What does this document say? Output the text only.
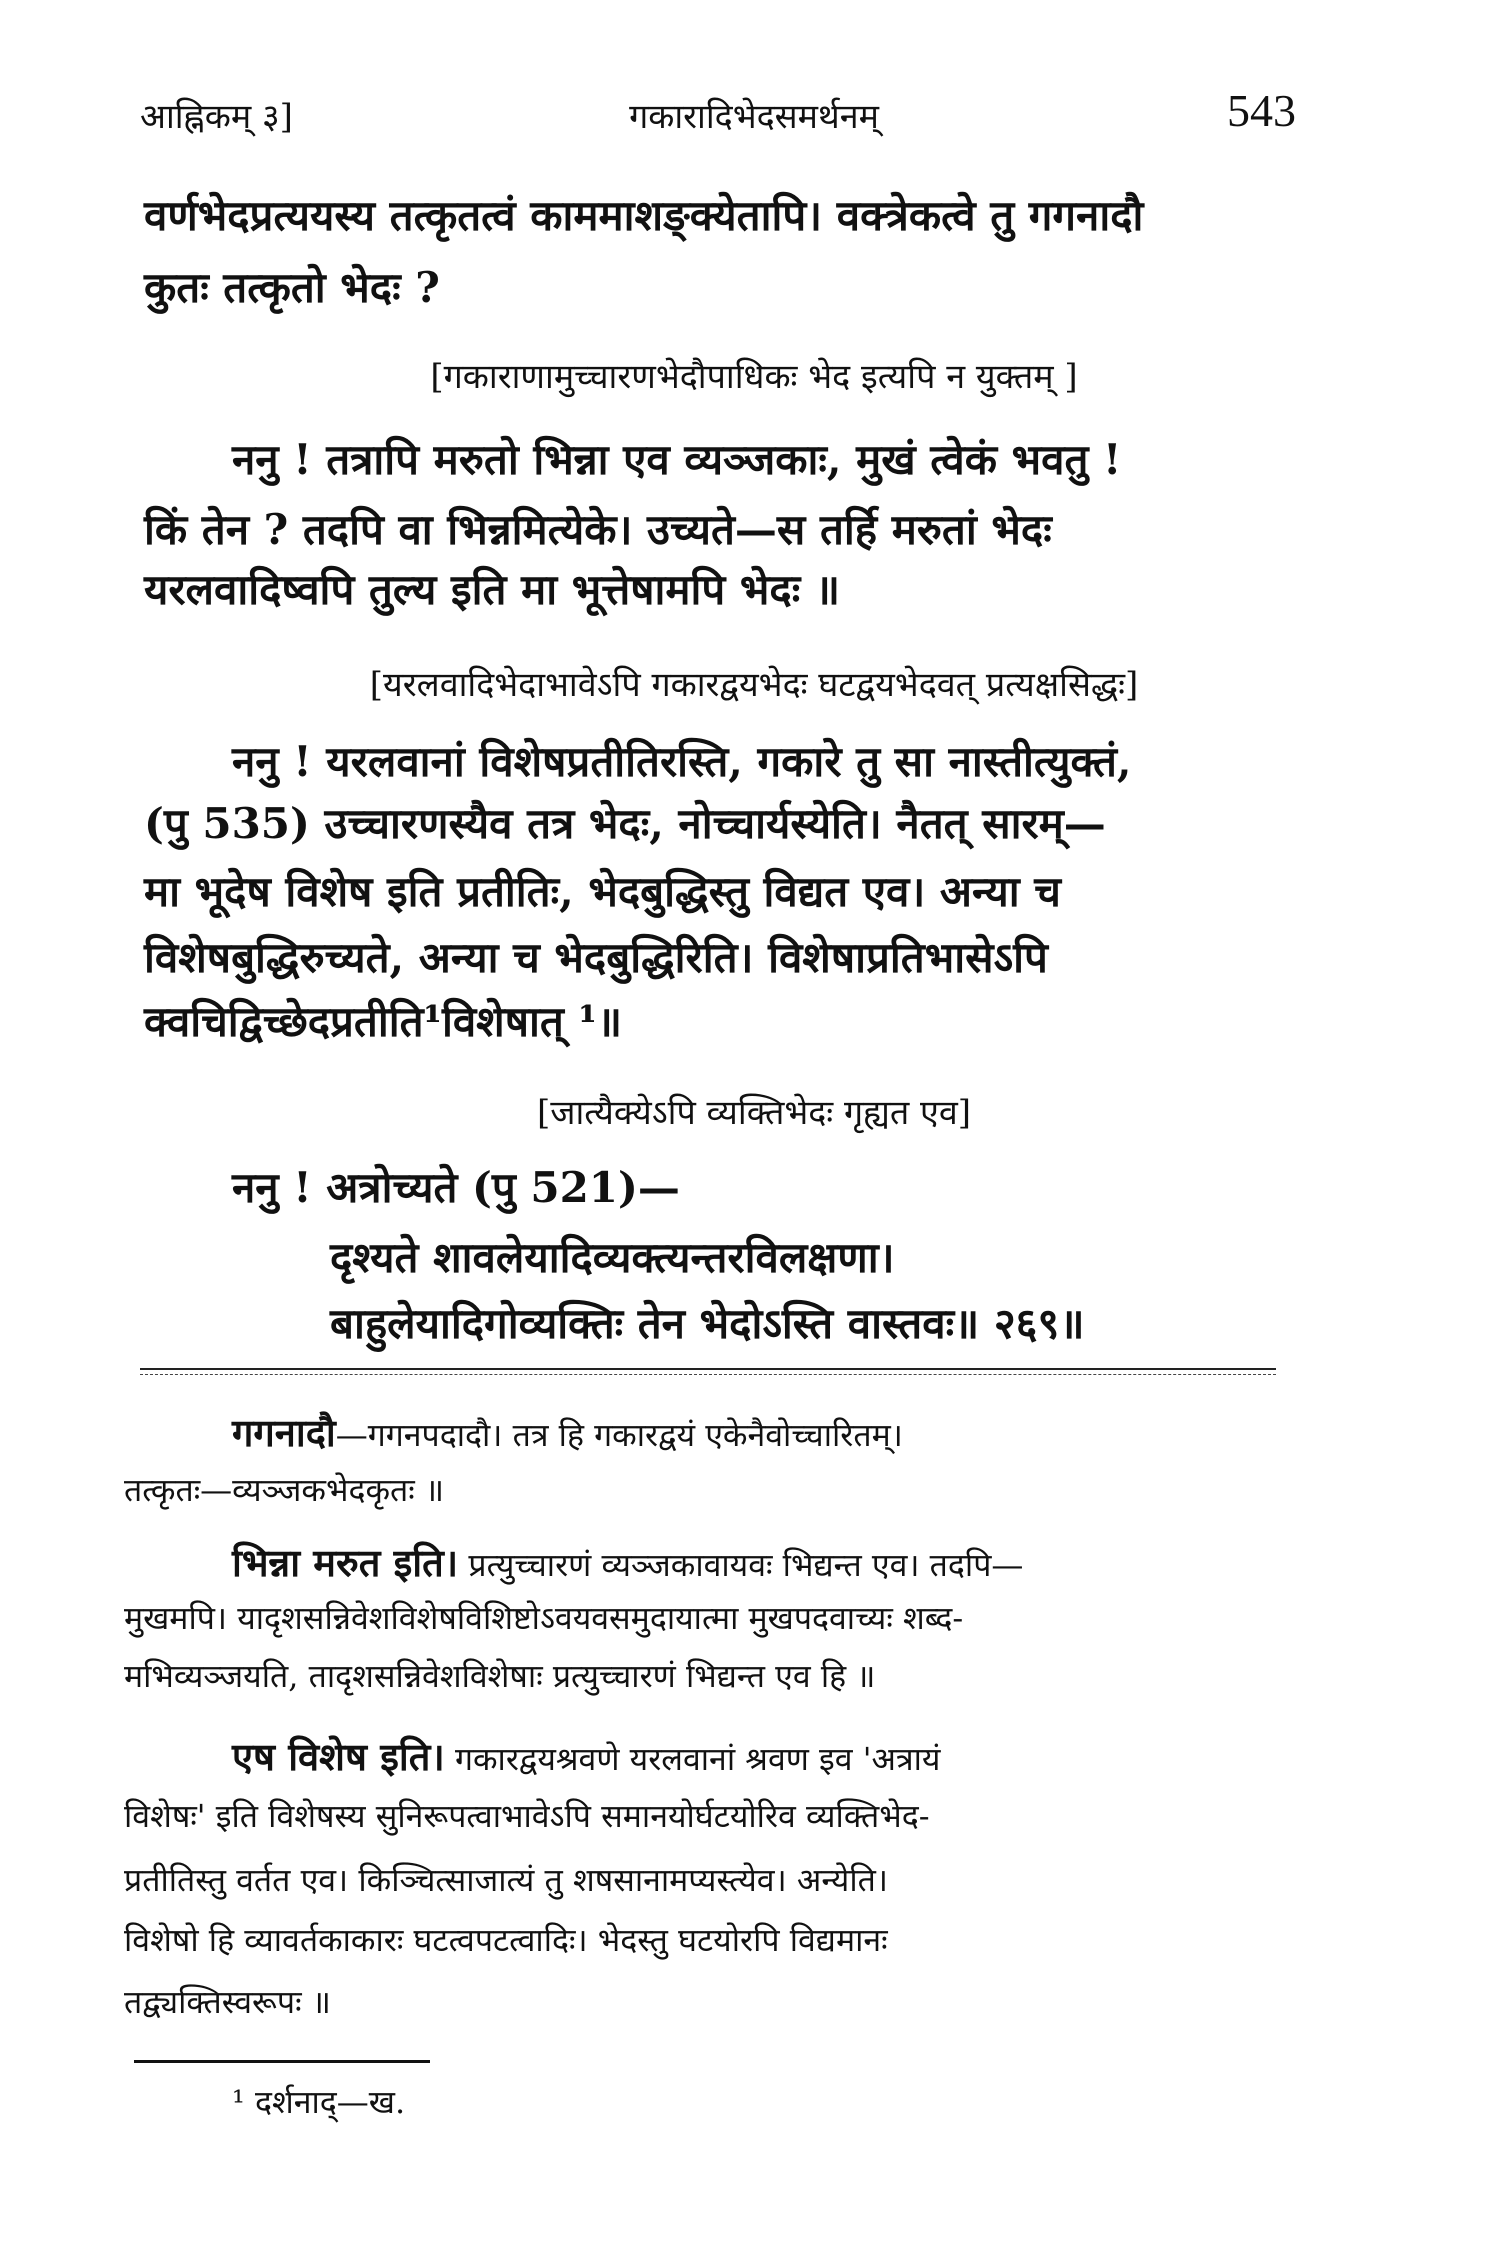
आह्निकम् ३]	गकारादिभेदसमर्थनम्	543
वर्णभेदप्रत्ययस्य तत्कृतत्वं काममाशङ्क्येतापि। वक्त्रेकत्वे तु गगनादौ
कुतः तत्कृतो भेदः ?
[गकाराणामुच्चारणभेदौपाधिकः भेद इत्यपि न युक्तम् ]
ननु ! तत्रापि मरुतो भिन्ना एव व्यञ्जकाः, मुखं त्वेकं भवतु !
किं तेन ? तदपि वा भिन्नमित्येके। उच्यते—स तर्हि मरुतां भेदः
यरलवादिष्वपि तुल्य इति मा भूत्तेषामपि भेदः ॥
[यरलवादिभेदाभावेऽपि गकारद्वयभेदः घटद्वयभेदवत् प्रत्यक्षसिद्धः]
ननु ! यरलवानां विशेषप्रतीतिरस्ति, गकारे तु सा नास्तीत्युक्तं,
(पु 535) उच्चारणस्यैव तत्र भेदः, नोच्चार्यस्येति। नैतत् सारम्—
मा भूदेष विशेष इति प्रतीतिः, भेदबुद्धिस्तु विद्यत एव। अन्या च
विशेषबुद्धिरुच्यते, अन्या च भेदबुद्धिरिति। विशेषाप्रतिभासेऽपि
क्वचिद्विच्छेदप्रतीति¹विशेषात् ¹॥
[जात्यैक्येऽपि व्यक्तिभेदः गृह्यत एव]
ननु ! अत्रोच्यते (पु 521)—
दृश्यते शावलेयादिव्यक्त्यन्तरविलक्षणा।
बाहुलेयादिगोव्यक्तिः तेन भेदोऽस्ति वास्तवः॥ २६९॥
गगनादौ—गगनपदादौ। तत्र हि गकारद्वयं एकेनैवोच्चारितम्।
तत्कृतः—व्यञ्जकभेदकृतः ॥
भिन्ना मरुत इति। प्रत्युच्चारणं व्यञ्जकावायवः भिद्यन्त एव। तदपि—
मुखमपि। यादृशसन्निवेशविशेषविशिष्टोऽवयवसमुदायात्मा मुखपदवाच्यः शब्द-
मभिव्यञ्जयति, तादृशसन्निवेशविशेषाः प्रत्युच्चारणं भिद्यन्त एव हि ॥
एष विशेष इति। गकारद्वयश्रवणे यरलवानां श्रवण इव 'अत्रायं
विशेषः' इति विशेषस्य सुनिरूपत्वाभावेऽपि समानयोर्घटयोरिव व्यक्तिभेद-
प्रतीतिस्तु वर्तत एव। किञ्चित्साजात्यं तु शषसानामप्यस्त्येव। अन्येति।
विशेषो हि व्यावर्तकाकारः घटत्वपटत्वादिः। भेदस्तु घटयोरपि विद्यमानः
तद्व्यक्तिस्वरूपः ॥
¹ दर्शनाद्—ख.
